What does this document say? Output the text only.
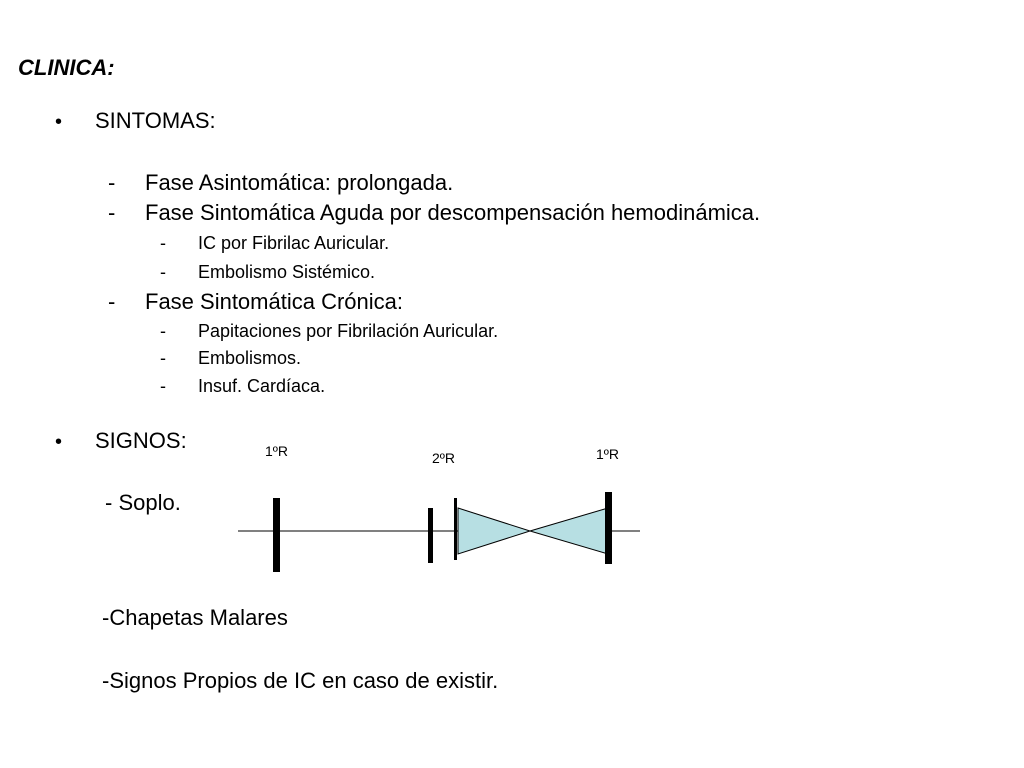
CLINICA:
• SINTOMAS:
- Fase Asintomática: prolongada.
- Fase Sintomática Aguda por descompensación hemodinámica.
- IC por Fibrilac Auricular.
- Embolismo Sistémico.
- Fase Sintomática Crónica:
- Papitaciones por Fibrilación Auricular.
- Embolismos.
- Insuf. Cardíaca.
• SIGNOS:
- Soplo.
-Chapetas Malares
-Signos Propios de IC en caso de existir.
1ºR	2ºR	1ºR
